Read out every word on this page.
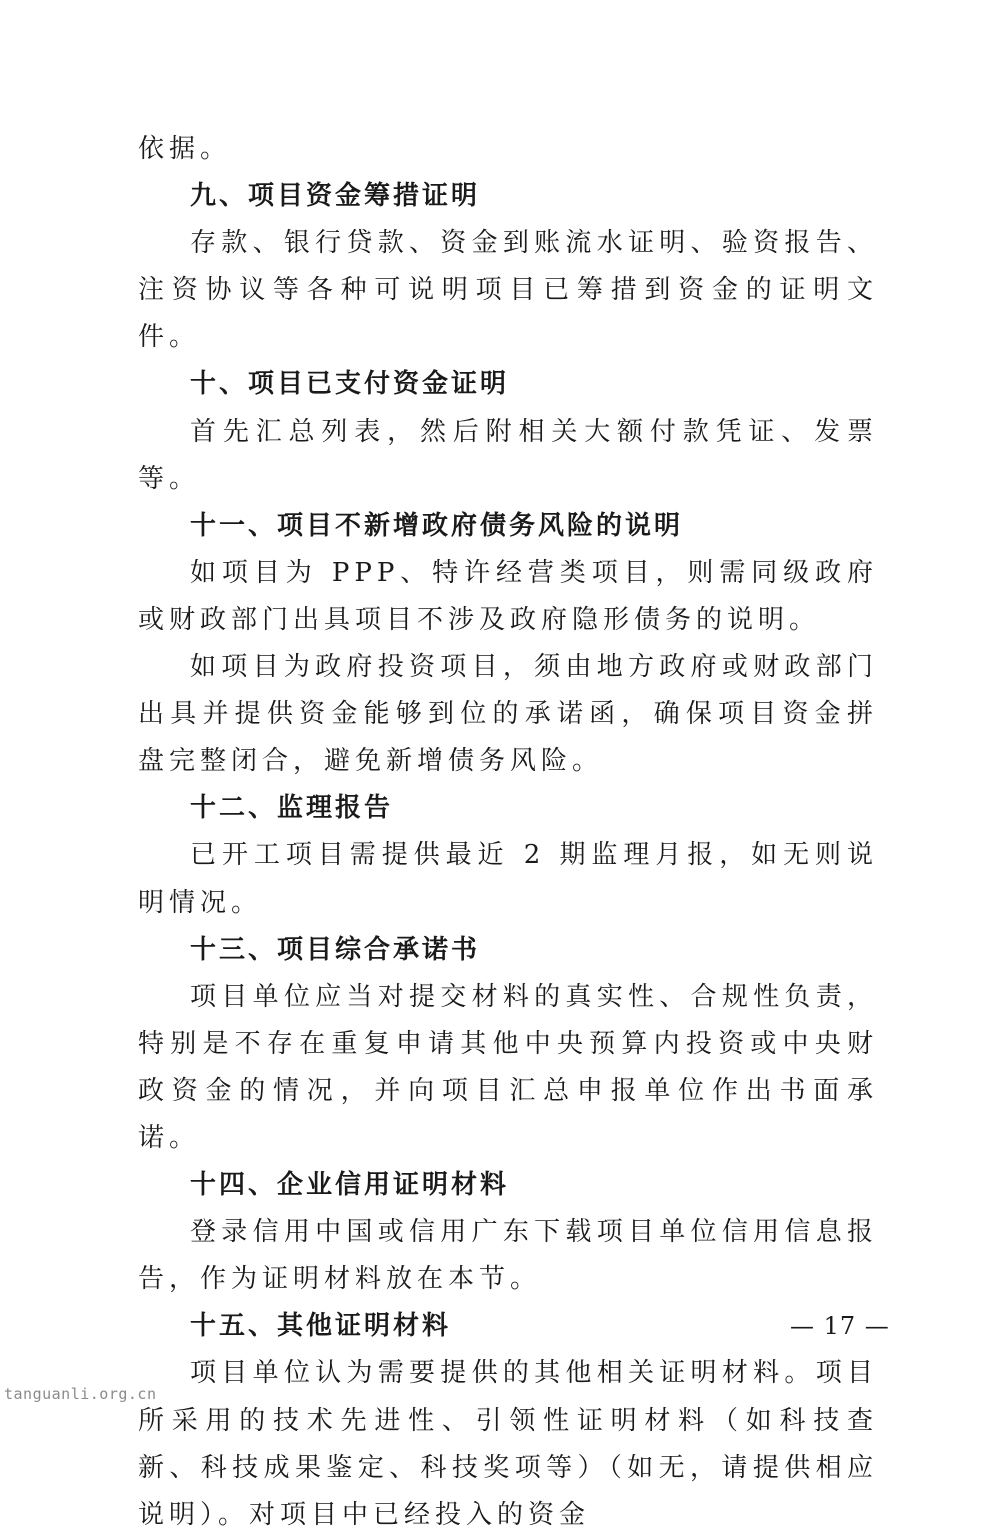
依据。

九、项目资金筹措证明

存款、银行贷款、资金到账流水证明、验资报告、注资协议等各种可说明项目已筹措到资金的证明文件。

十、项目已支付资金证明

首先汇总列表，然后附相关大额付款凭证、发票等。

十一、项目不新增政府债务风险的说明

如项目为 PPP、特许经营类项目，则需同级政府或财政部门出具项目不涉及政府隐形债务的说明。

如项目为政府投资项目，须由地方政府或财政部门出具并提供资金能够到位的承诺函，确保项目资金拼盘完整闭合，避免新增债务风险。

十二、监理报告

已开工项目需提供最近 2 期监理月报，如无则说明情况。

十三、项目综合承诺书

项目单位应当对提交材料的真实性、合规性负责，特别是不存在重复申请其他中央预算内投资或中央财政资金的情况，并向项目汇总申报单位作出书面承诺。

十四、企业信用证明材料

登录信用中国或信用广东下载项目单位信用信息报告，作为证明材料放在本节。

十五、其他证明材料

项目单位认为需要提供的其他相关证明材料。项目所采用的技术先进性、引领性证明材料（如科技查新、科技成果鉴定、科技奖项等）（如无，请提供相应说明）。对项目中已经投入的资金

— 17 —
tanguanli.org.cn
